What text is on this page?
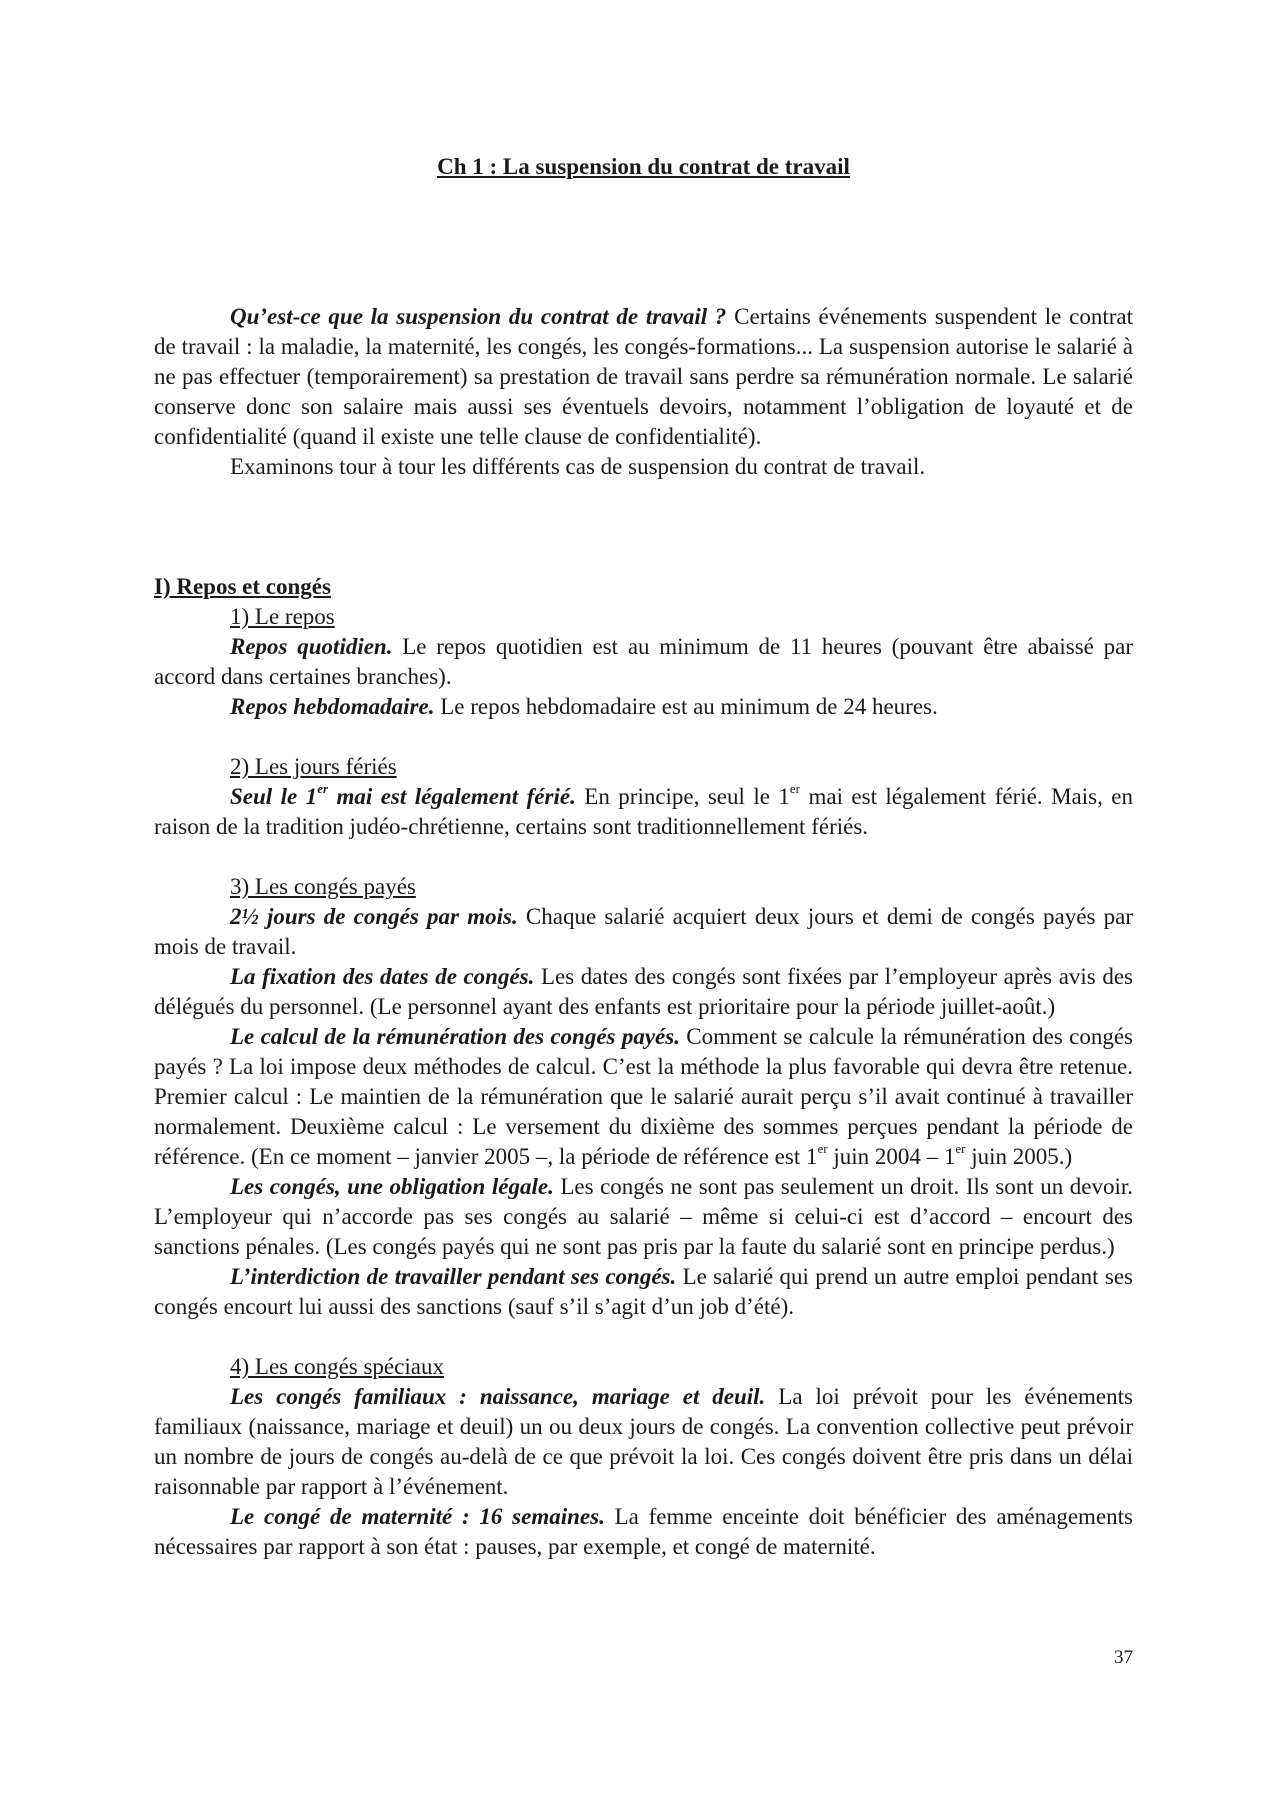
Ch 1 : La suspension du contrat de travail

Qu’est-ce que la suspension du contrat de travail ? Certains événements suspendent le contrat de travail : la maladie, la maternité, les congés, les congés-formations... La suspension autorise le salarié à ne pas effectuer (temporairement) sa prestation de travail sans perdre sa rémunération normale. Le salarié conserve donc son salaire mais aussi ses éventuels devoirs, notamment l’obligation de loyauté et de confidentialité (quand il existe une telle clause de confidentialité).

Examinons tour à tour les différents cas de suspension du contrat de travail.

I) Repos et congés
1) Le repos

Repos quotidien. Le repos quotidien est au minimum de 11 heures (pouvant être abaissé par accord dans certaines branches).

Repos hebdomadaire. Le repos hebdomadaire est au minimum de 24 heures.

2) Les jours fériés

Seul le 1er mai est légalement férié. En principe, seul le 1er mai est légalement férié. Mais, en raison de la tradition judéo-chrétienne, certains sont traditionnellement fériés.

3) Les congés payés

2½ jours de congés par mois. Chaque salarié acquiert deux jours et demi de congés payés par mois de travail.

La fixation des dates de congés. Les dates des congés sont fixées par l’employeur après avis des délégués du personnel. (Le personnel ayant des enfants est prioritaire pour la période juillet-août.)

Le calcul de la rémunération des congés payés. Comment se calcule la rémunération des congés payés ? La loi impose deux méthodes de calcul. C’est la méthode la plus favorable qui devra être retenue. Premier calcul : Le maintien de la rémunération que le salarié aurait perçu s’il avait continué à travailler normalement. Deuxième calcul : Le versement du dixième des sommes perçues pendant la période de référence. (En ce moment – janvier 2005 –, la période de référence est 1er juin 2004 – 1er juin 2005.)

Les congés, une obligation légale. Les congés ne sont pas seulement un droit. Ils sont un devoir. L’employeur qui n’accorde pas ses congés au salarié – même si celui-ci est d’accord – encourt des sanctions pénales. (Les congés payés qui ne sont pas pris par la faute du salarié sont en principe perdus.)

L’interdiction de travailler pendant ses congés. Le salarié qui prend un autre emploi pendant ses congés encourt lui aussi des sanctions (sauf s’il s’agit d’un job d’été).

4) Les congés spéciaux

Les congés familiaux : naissance, mariage et deuil. La loi prévoit pour les événements familiaux (naissance, mariage et deuil) un ou deux jours de congés. La convention collective peut prévoir un nombre de jours de congés au-delà de ce que prévoit la loi. Ces congés doivent être pris dans un délai raisonnable par rapport à l’événement.

Le congé de maternité : 16 semaines. La femme enceinte doit bénéficier des aménagements nécessaires par rapport à son état : pauses, par exemple, et congé de maternité.

37
